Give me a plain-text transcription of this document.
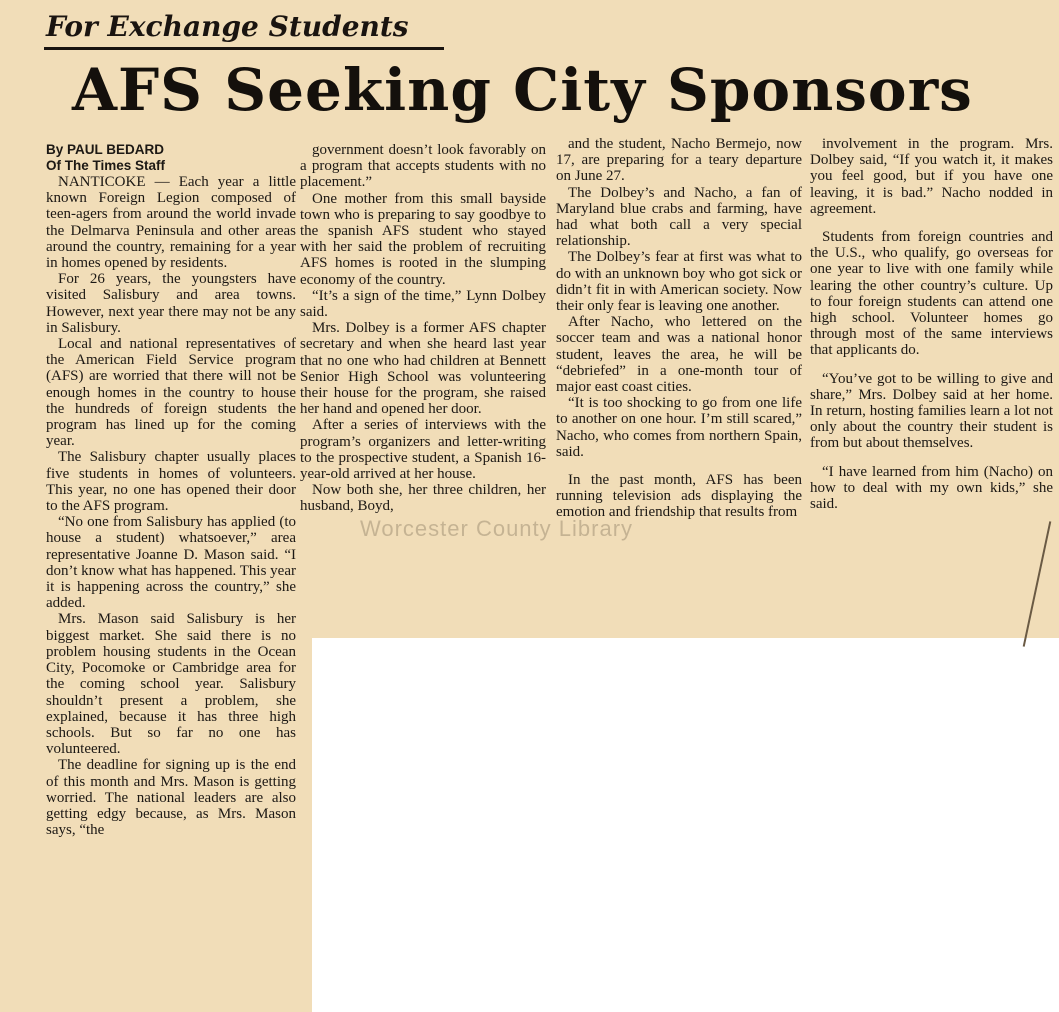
For Exchange Students
AFS Seeking City Sponsors

By PAUL BEDARD

Of The Times Staff

NANTICOKE — Each year a little known Foreign Legion composed of teen-agers from around the world invade the Delmarva Peninsula and other areas around the country, remaining for a year in homes opened by residents.

For 26 years, the youngsters have visited Salisbury and area towns. However, next year there may not be any in Salisbury.

Local and national representatives of the American Field Service program (AFS) are worried that there will not be enough homes in the country to house the hundreds of foreign students the program has lined up for the coming year.

The Salisbury chapter usually places five students in homes of volunteers. This year, no one has opened their door to the AFS program.

“No one from Salisbury has applied (to house a student) whatsoever,” area representative Joanne D. Mason said. “I don’t know what has happened. This year it is happening across the country,” she added.

Mrs. Mason said Salisbury is her biggest market. She said there is no problem housing students in the Ocean City, Pocomoke or Cambridge area for the coming school year. Salisbury shouldn’t present a problem, she explained, because it has three high schools. But so far no one has volunteered.

The deadline for signing up is the end of this month and Mrs. Mason is getting worried. The national leaders are also getting edgy because, as Mrs. Mason says, “the

government doesn’t look favorably on a program that accepts students with no placement.”

One mother from this small bayside town who is preparing to say goodbye to the spanish AFS student who stayed with her said the problem of recruiting AFS homes is rooted in the slumping economy of the country.

“It’s a sign of the time,” Lynn Dolbey said.

Mrs. Dolbey is a former AFS chapter secretary and when she heard last year that no one who had children at Bennett Senior High School was volunteering their house for the program, she raised her hand and opened her door.

After a series of interviews with the program’s organizers and letter-writing to the prospective student, a Spanish 16-year-old arrived at her house.

Now both she, her three children, her husband, Boyd,

and the student, Nacho Bermejo, now 17, are preparing for a teary departure on June 27.

The Dolbey’s and Nacho, a fan of Maryland blue crabs and farming, have had what both call a very special relationship.

The Dolbey’s fear at first was what to do with an unknown boy who got sick or didn’t fit in with American society. Now their only fear is leaving one another.

After Nacho, who lettered on the soccer team and was a national honor student, leaves the area, he will be “debriefed” in a one-month tour of major east coast cities.

“It is too shocking to go from one life to another on one hour. I’m still scared,” Nacho, who comes from northern Spain, said.

In the past month, AFS has been running television ads displaying the emotion and friendship that results from

involvement in the program. Mrs. Dolbey said, “If you watch it, it makes you feel good, but if you have one leaving, it is bad.” Nacho nodded in agreement.

Students from foreign countries and the U.S., who qualify, go overseas for one year to live with one family while learing the other country’s culture. Up to four foreign students can attend one high school. Volunteer homes go through most of the same interviews that applicants do.

“You’ve got to be willing to give and share,” Mrs. Dolbey said at her home. In return, hosting families learn a lot not only about the country their student is from but about themselves.

“I have learned from him (Nacho) on how to deal with my own kids,” she said.

Worcester County Library
